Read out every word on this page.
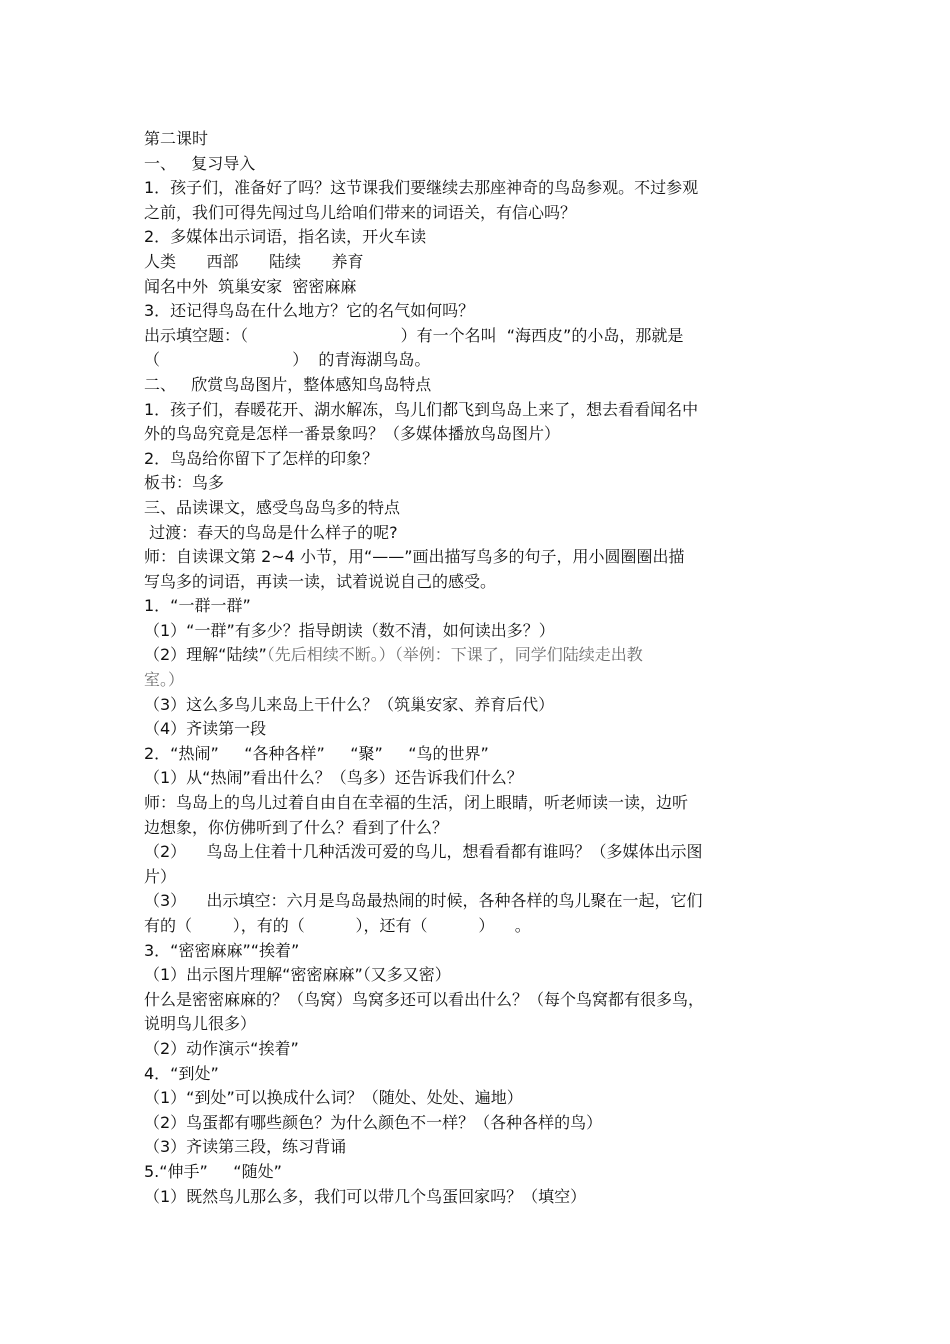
第二课时
一、   复习导入
1．孩子们，准备好了吗？这节课我们要继续去那座神奇的鸟岛参观。不过参观
之前，我们可得先闯过鸟儿给咱们带来的词语关，有信心吗？
2．多媒体出示词语，指名读，开火车读
人类      西部      陆续      养育
闻名中外  筑巢安家  密密麻麻
3．还记得鸟岛在什么地方？它的名气如何吗？
出示填空题：（                              ）有一个名叫  “海西皮”的小岛，那就是
（                          ）  的青海湖鸟岛。
二、   欣赏鸟岛图片，整体感知鸟岛特点
1．孩子们，春暖花开、湖水解冻，鸟儿们都飞到鸟岛上来了，想去看看闻名中
外的鸟岛究竟是怎样一番景象吗？（多媒体播放鸟岛图片）
2．鸟岛给你留下了怎样的印象？
板书：鸟多
三、品读课文，感受鸟岛鸟多的特点
过渡：春天的鸟岛是什么样子的呢?
师：自读课文第 2~4 小节，用“——”画出描写鸟多的句子，用小圆圈圈出描
写鸟多的词语，再读一读，试着说说自己的感受。
1．“一群一群”
（1）“一群”有多少？指导朗读（数不清，如何读出多？）
（2）理解“陆续”（先后相续不断。）（举例：下课了，同学们陆续走出教
室。）
（3）这么多鸟儿来岛上干什么？（筑巢安家、养育后代）
（4）齐读第一段
2．“热闹”     “各种各样”     “聚”     “鸟的世界”
（1）从“热闹”看出什么？（鸟多）还告诉我们什么？
师：鸟岛上的鸟儿过着自由自在幸福的生活，闭上眼睛，听老师读一读，边听
边想象，你仿佛听到了什么？看到了什么？
（2）    鸟岛上住着十几种活泼可爱的鸟儿，想看看都有谁吗？（多媒体出示图
片）
（3）    出示填空：六月是鸟岛最热闹的时候，各种各样的鸟儿聚在一起，它们
有的（        ），有的（          ），还有（          ）    。
3．“密密麻麻”“挨着”
（1）出示图片理解“密密麻麻”（又多又密）
什么是密密麻麻的？（鸟窝）鸟窝多还可以看出什么？（每个鸟窝都有很多鸟，
说明鸟儿很多）
（2）动作演示“挨着”
4．“到处”
（1）“到处”可以换成什么词？（随处、处处、遍地）
（2）鸟蛋都有哪些颜色？为什么颜色不一样？（各种各样的鸟）
（3）齐读第三段，练习背诵
5.“伸手”     “随处”
（1）既然鸟儿那么多，我们可以带几个鸟蛋回家吗？（填空）
